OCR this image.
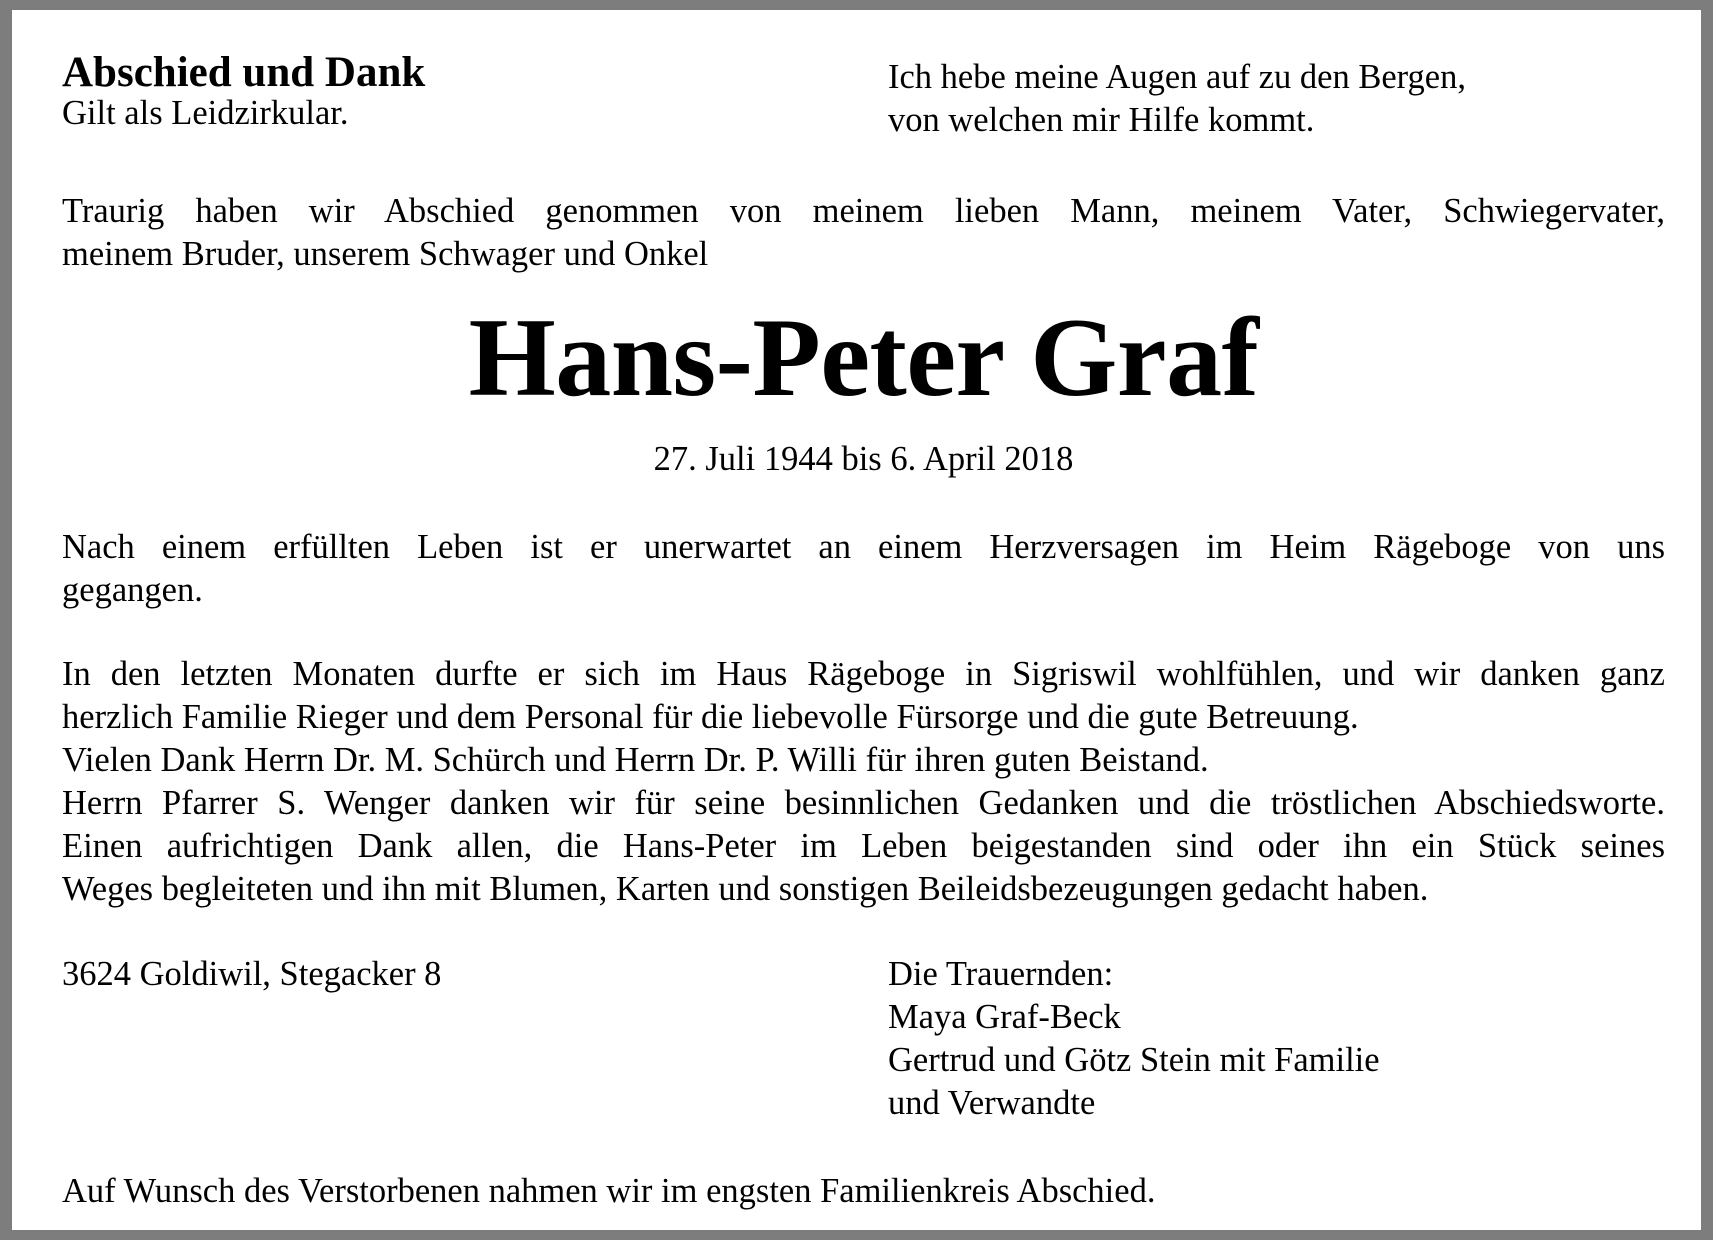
Abschied und Dank
Gilt als Leidzirkular.
Ich hebe meine Augen auf zu den Bergen,
von welchen mir Hilfe kommt.
Traurig haben wir Abschied genommen von meinem lieben Mann, meinem Vater, Schwiegervater,
meinem Bruder, unserem Schwager und Onkel
Hans-Peter Graf
27. Juli 1944 bis 6. April 2018
Nach einem erfüllten Leben ist er unerwartet an einem Herzversagen im Heim Rägeboge von uns
gegangen.
In den letzten Monaten durfte er sich im Haus Rägeboge in Sigriswil wohlfühlen, und wir danken ganz
herzlich Familie Rieger und dem Personal für die liebevolle Fürsorge und die gute Betreuung.
Vielen Dank Herrn Dr. M. Schürch und Herrn Dr. P. Willi für ihren guten Beistand.
Herrn Pfarrer S. Wenger danken wir für seine besinnlichen Gedanken und die tröstlichen Abschiedsworte.
Einen aufrichtigen Dank allen, die Hans-Peter im Leben beigestanden sind oder ihn ein Stück seines
Weges begleiteten und ihn mit Blumen, Karten und sonstigen Beileidsbezeugungen gedacht haben.
3624 Goldiwil, Stegacker 8	Die Trauernden:
Maya Graf-Beck
Gertrud und Götz Stein mit Familie
und Verwandte
Auf Wunsch des Verstorbenen nahmen wir im engsten Familienkreis Abschied.
